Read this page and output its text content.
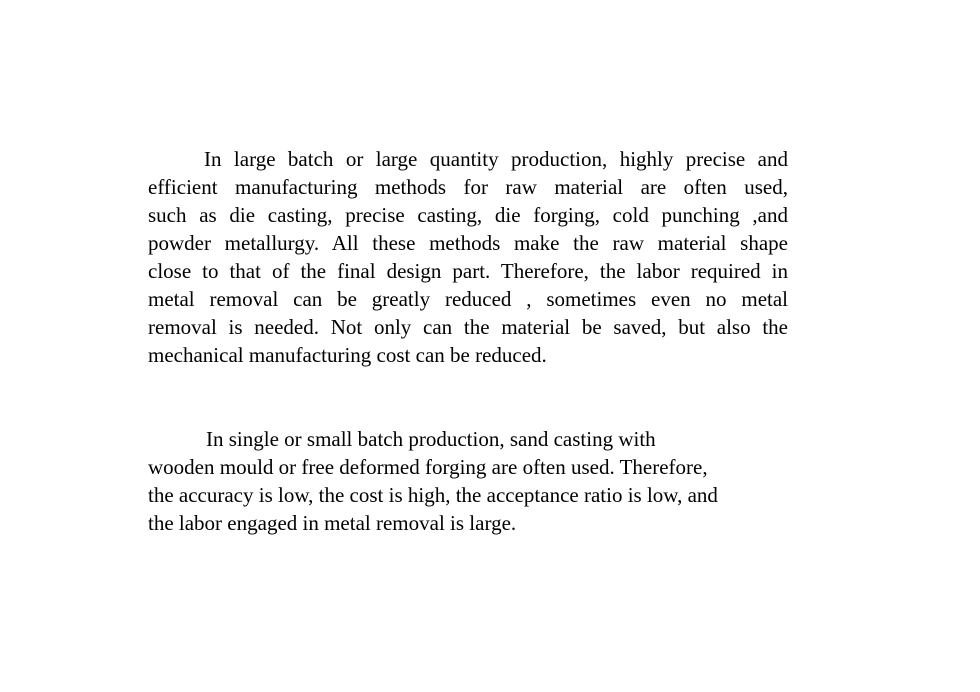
In large batch or large quantity production, highly precise and
efficient manufacturing methods for raw material are often used,
such as die casting, precise casting, die forging, cold punching ,and
powder metallurgy. All these methods make the raw material shape
close to that of the final design part. Therefore, the labor required in
metal removal can be greatly reduced , sometimes even no metal
removal is needed. Not only can the material be saved, but also the
mechanical manufacturing cost can be reduced.
In single or small batch production, sand casting with
wooden mould or free deformed forging are often used. Therefore,
the accuracy is low, the cost is high, the acceptance ratio is low, and
the labor engaged in metal removal is large.
